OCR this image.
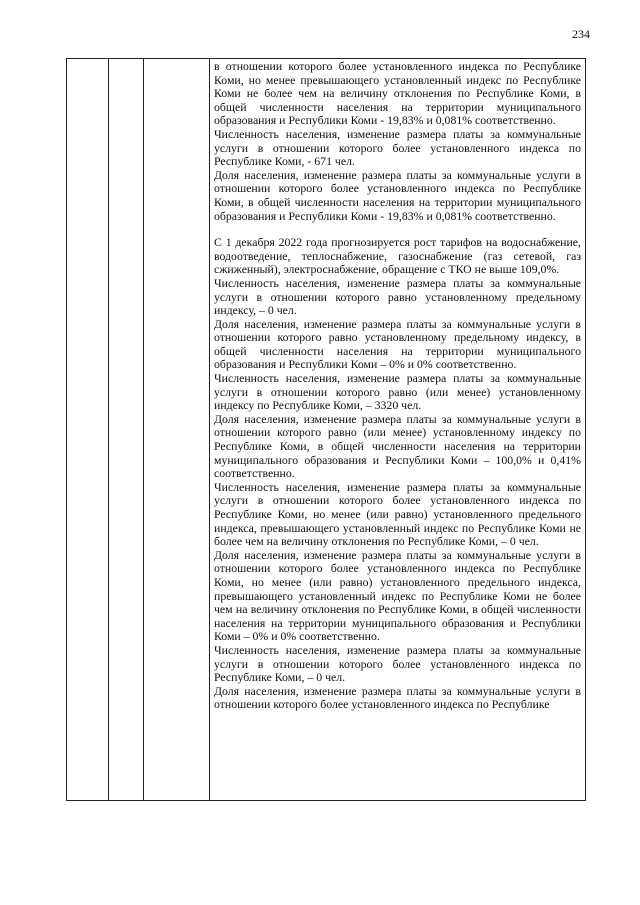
234

в отношении которого более установленного индекса по Республике Коми, но менее превышающего установленный индекс по Республике Коми не более чем на величину отклонения по Республике Коми, в общей численности населения на территории муниципального образования и Республики Коми - 19,83% и 0,081% соответственно.

Численность населения, изменение размера платы за коммунальные услуги в отношении которого более установленного индекса по Республике Коми, - 671 чел.

Доля населения, изменение размера платы за коммунальные услуги в отношении которого более установленного индекса по Республике Коми, в общей численности населения на территории муниципального образования и Республики Коми - 19,83% и 0,081% соответственно.

С 1 декабря 2022 года прогнозируется рост тарифов на водоснабжение, водоотведение, теплоснабжение, газоснабжение (газ сетевой, газ сжиженный), электроснабжение, обращение с ТКО не выше 109,0%.

Численность населения, изменение размера платы за коммунальные услуги в отношении которого равно установленному предельному индексу, – 0 чел.

Доля населения, изменение размера платы за коммунальные услуги в отношении которого равно установленному предельному индексу, в общей численности населения на территории муниципального образования и Республики Коми – 0% и 0% соответственно.

Численность населения, изменение размера платы за коммунальные услуги в отношении которого равно (или менее) установленному индексу по Республике Коми, – 3320 чел.

Доля населения, изменение размера платы за коммунальные услуги в отношении которого равно (или менее) установленному индексу по Республике Коми, в общей численности населения на территории муниципального образования и Республики Коми – 100,0% и 0,41% соответственно.

Численность населения, изменение размера платы за коммунальные услуги в отношении которого более установленного индекса по Республике Коми, но менее (или равно) установленного предельного индекса, превышающего установленный индекс по Республике Коми не более чем на величину отклонения по Республике Коми, – 0 чел.

Доля населения, изменение размера платы за коммунальные услуги в отношении которого более установленного индекса по Республике Коми, но менее (или равно) установленного предельного индекса, превышающего установленный индекс по Республике Коми не более чем на величину отклонения по Республике Коми, в общей численности населения на территории муниципального образования и Республики Коми – 0% и 0% соответственно.

Численность населения, изменение размера платы за коммунальные услуги в отношении которого более установленного индекса по Республике Коми, – 0 чел.

Доля населения, изменение размера платы за коммунальные услуги в отношении которого более установленного индекса по Республике
